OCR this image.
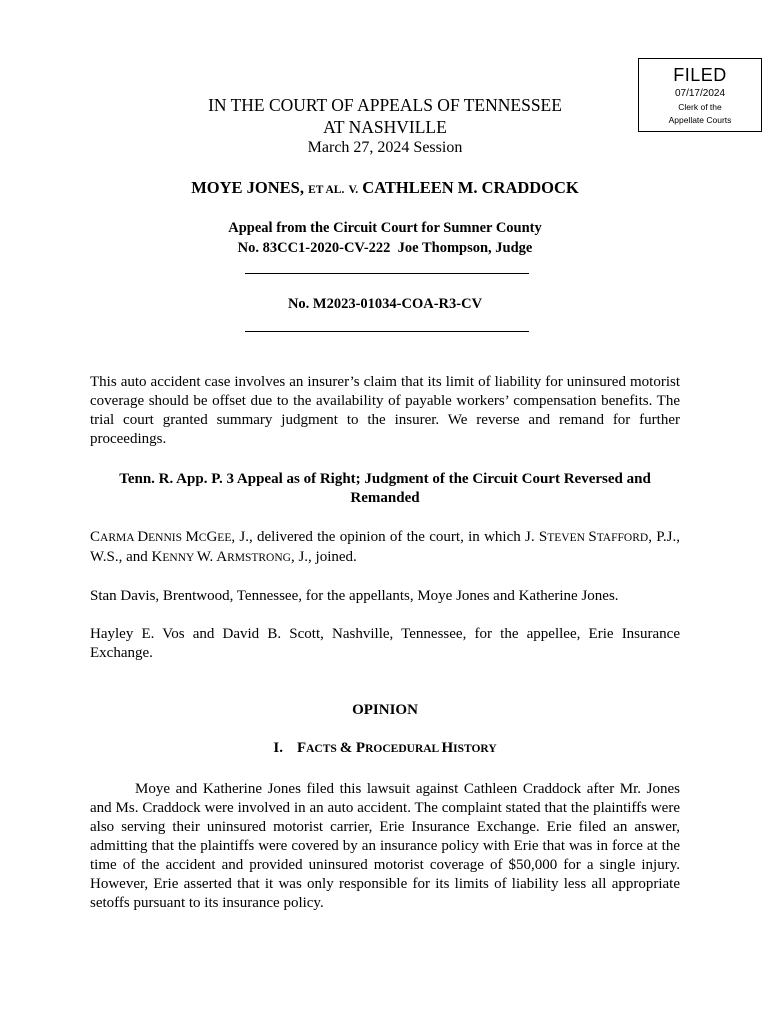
FILED
07/17/2024
Clerk of the
Appellate Courts
IN THE COURT OF APPEALS OF TENNESSEE
AT NASHVILLE
March 27, 2024 Session
MOYE JONES, ET AL. V. CATHLEEN M. CRADDOCK
Appeal from the Circuit Court for Sumner County
No. 83CC1-2020-CV-222  Joe Thompson, Judge
No. M2023-01034-COA-R3-CV
This auto accident case involves an insurer’s claim that its limit of liability for uninsured motorist coverage should be offset due to the availability of payable workers’ compensation benefits. The trial court granted summary judgment to the insurer. We reverse and remand for further proceedings.
Tenn. R. App. P. 3 Appeal as of Right; Judgment of the Circuit Court Reversed and Remanded
CARMA DENNIS MCGEE, J., delivered the opinion of the court, in which J. STEVEN STAFFORD, P.J., W.S., and KENNY W. ARMSTRONG, J., joined.
Stan Davis, Brentwood, Tennessee, for the appellants, Moye Jones and Katherine Jones.
Hayley E. Vos and David B. Scott, Nashville, Tennessee, for the appellee, Erie Insurance Exchange.
OPINION
I. FACTS & PROCEDURAL HISTORY
Moye and Katherine Jones filed this lawsuit against Cathleen Craddock after Mr. Jones and Ms. Craddock were involved in an auto accident. The complaint stated that the plaintiffs were also serving their uninsured motorist carrier, Erie Insurance Exchange. Erie filed an answer, admitting that the plaintiffs were covered by an insurance policy with Erie that was in force at the time of the accident and provided uninsured motorist coverage of $50,000 for a single injury. However, Erie asserted that it was only responsible for its limits of liability less all appropriate setoffs pursuant to its insurance policy.
